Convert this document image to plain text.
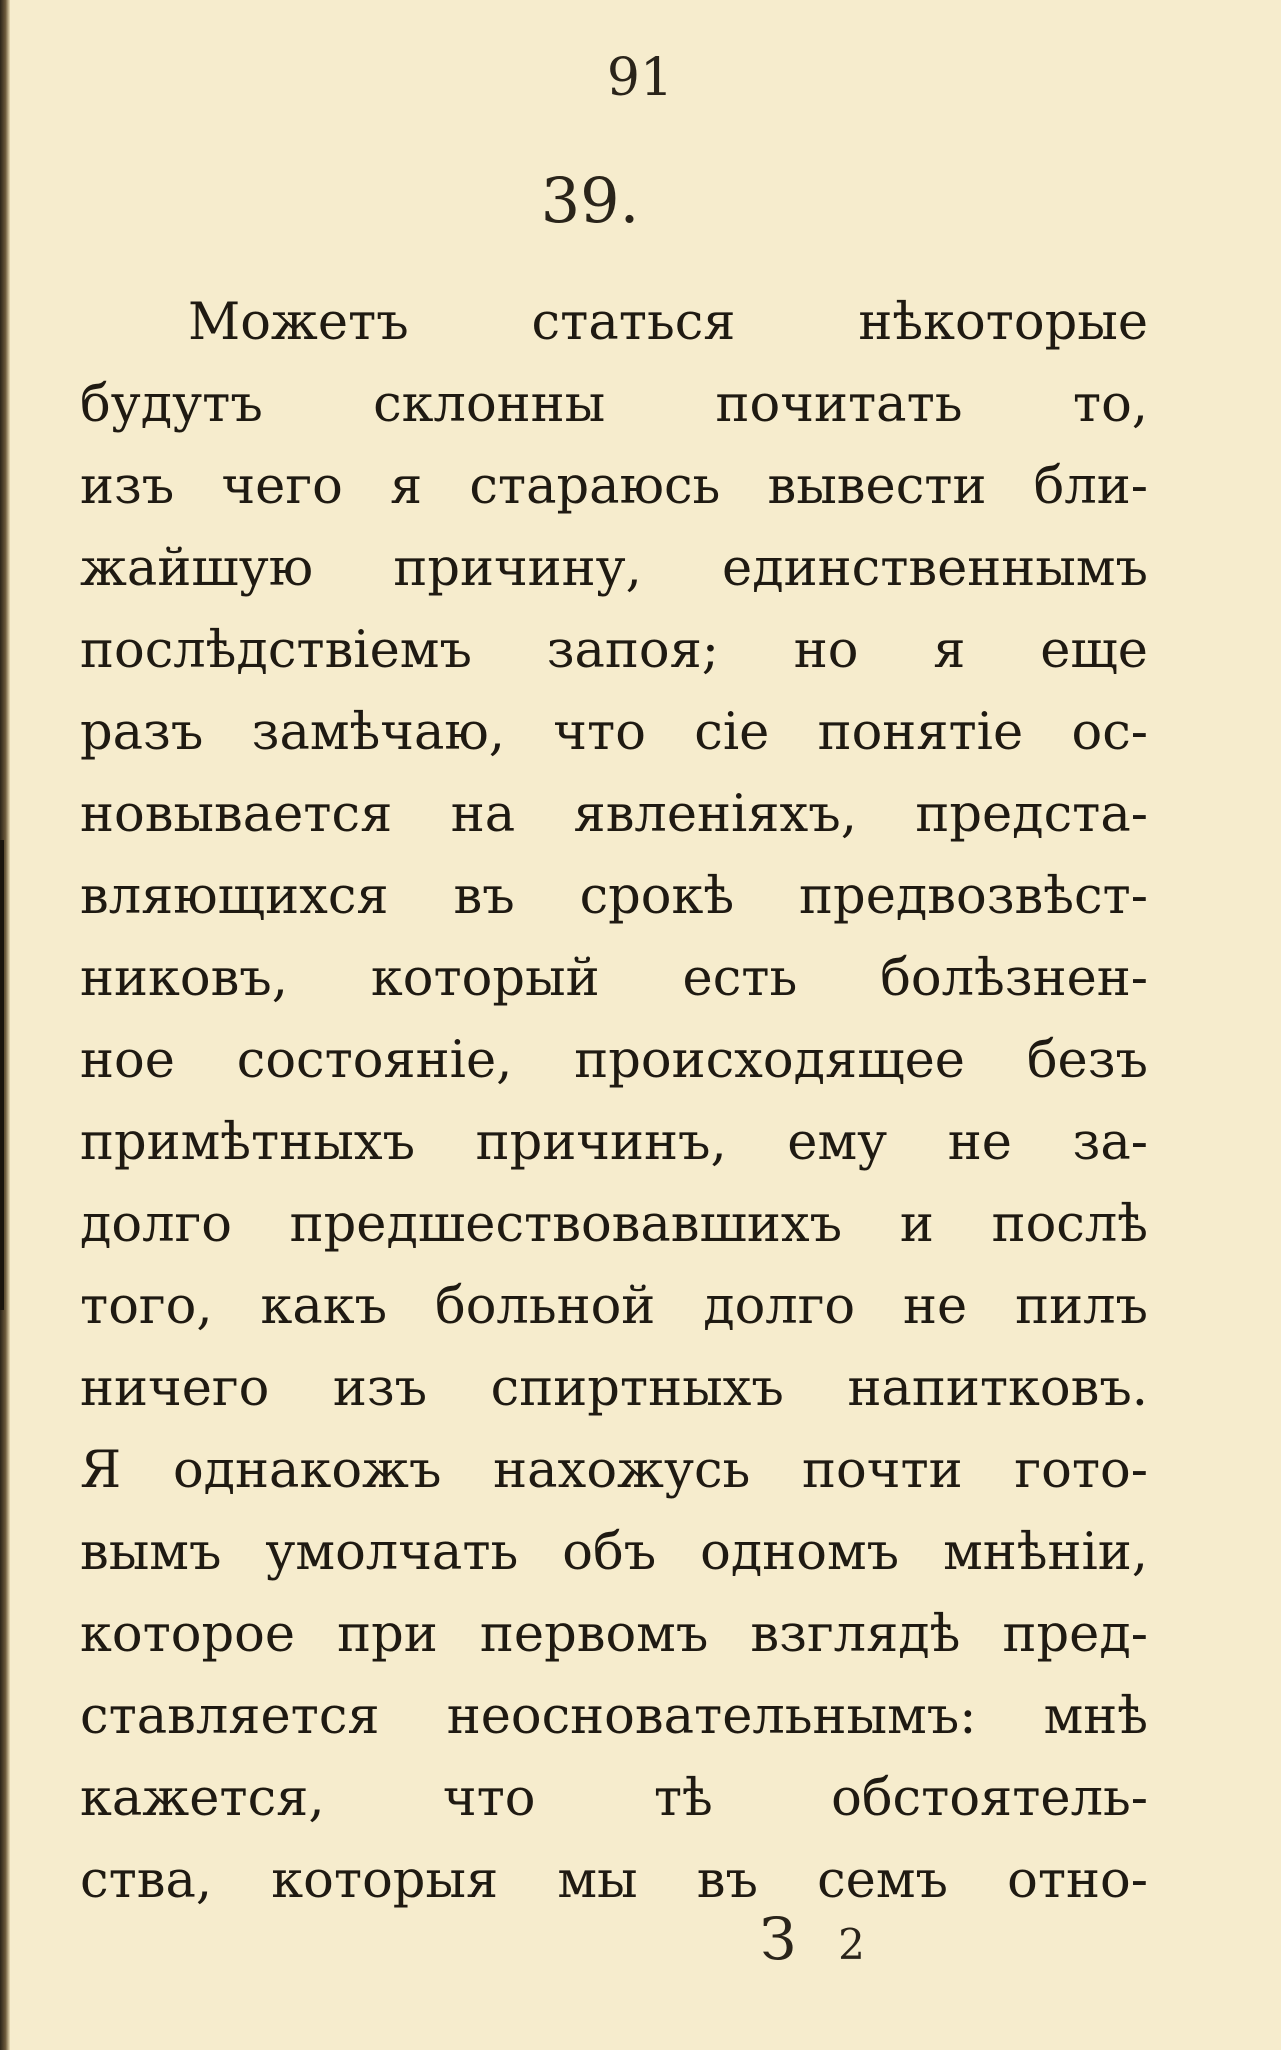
91
39.
Можетъ статься нѣкоторые
будутъ склонны почитать то,
изъ чего я стараюсь вывести бли-
жайшую причину, единственнымъ
послѣдствіемъ запоя; но я еще
разъ замѣчаю, что сіе понятіе ос-
новывается на явленіяхъ, предста-
вляющихся въ срокѣ предвозвѣст-
никовъ, который есть болѣзнен-
ное состояніе, происходящее безъ
примѣтныхъ причинъ, ему не за-
долго предшествовавшихъ и послѣ
того, какъ больной долго не пилъ
ничего изъ спиртныхъ напитковъ.
Я однакожъ нахожусь почти гото-
вымъ умолчать объ одномъ мнѣніи,
которое при первомъ взглядѣ пред-
ставляется неосновательнымъ: мнѣ
кажется, что тѣ обстоятель-
ства, которыя мы въ семъ отно-
З 2
